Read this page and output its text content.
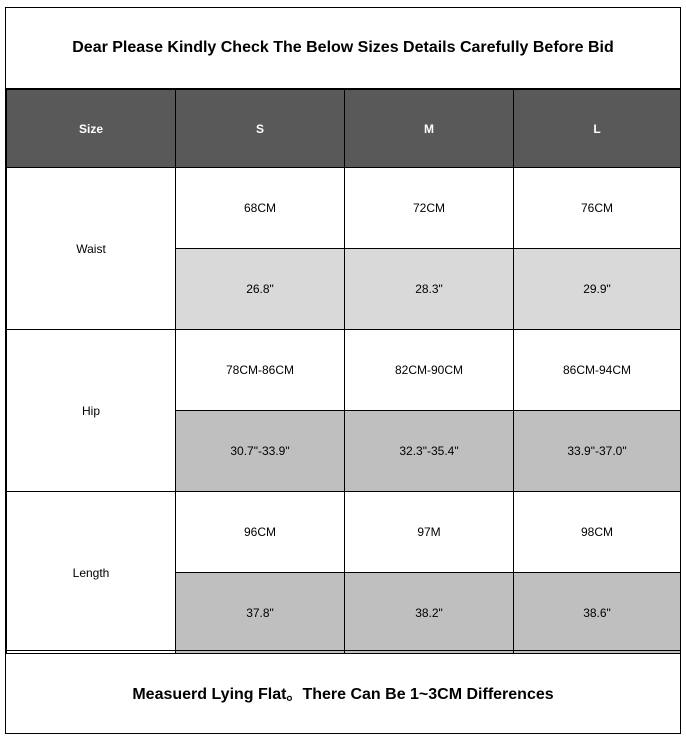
Dear Please Kindly Check The Below Sizes Details Carefully Before Bid
Size	S	M	L
Waist	68CM	72CM	76CM
	26.8"	28.3"	29.9"
Hip	78CM-86CM	82CM-90CM	86CM-94CM
	30.7"-33.9"	32.3"-35.4"	33.9"-37.0"
Length	96CM	97M	98CM
	37.8"	38.2"	38.6"
Measuerd Lying Flat。There Can Be 1~3CM Differences
